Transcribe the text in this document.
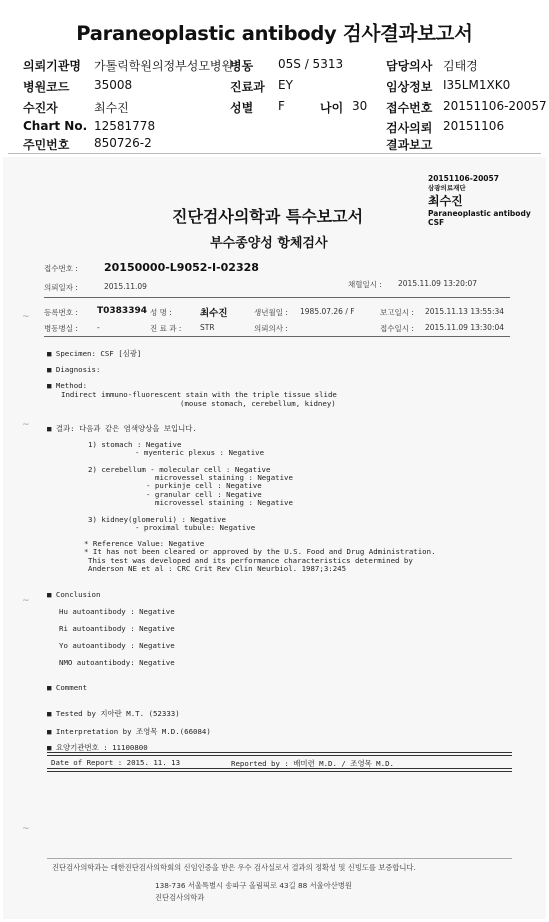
Paraneoplastic antibody 검사결과보고서
의뢰기관명 가톨릭학원의정부성모병원
병동 05S / 5313	담당의사 김태경
병원코드 35008	진료과 EY	임상정보 I35LM1XK0
수진자	최수진	성별 F	나이 30 접수번호 20151106-20057
Chart No. 12581778	검사의뢰 20151106
주민번호 850726-2	결과보고
~
~
~
~
20151106-20057
삼광의료재단
최수진
Paraneoplastic antibody
CSF
진단검사의학과 특수보고서
부수종양성 항체검사
접수번호 : 20150000-L9052-I-02328
의뢰일자 :	2015.11.09	채혈일시 : 2015.11.09 13:20:07
등록번호 : T0383394 성 명 :	최수진	생년월일 : 1985.07.26 / F	보고일시 : 2015.11.13 13:55:34
병동병실 :	-	진 료 과 : STR	의뢰의사 :	접수일시 : 2015.11.09 13:30:04
■ Specimen: CSF [심광]
■ Diagnosis:
■ Method:
Indirect immuno-fluorescent stain with the triple tissue slide
(mouse stomach, cerebellum, kidney)
■ 결과: 다음과 같은 염색양상을 보입니다.
1) stomach : Negative
- myenteric plexus : Negative
2) cerebellum - molecular cell : Negative
microvessel staining : Negative
- purkinje cell : Negative
- granular cell : Negative
microvessel staining : Negative
3) kidney(glomeruli) : Negative
- proximal tubule: Negative
* Reference Value: Negative
* It has not been cleared or approved by the U.S. Food and Drug Administration.
This test was developed and its performance characteristics determined by
Anderson NE et al : CRC Crit Rev Clin Neurbiol. 1987;3:245
■ Conclusion
Hu autoantibody : Negative
Ri autoantibody : Negative
Yo autoantibody : Negative
NMO autoantibody: Negative
■ Comment
■ Tested by 지아란 M.T. (52333)
■ Interpretation by 조영목 M.D.(66084)
■ 요양기관번호 : 11100800
Date of Report : 2015. 11. 13	Reported by : 배미련 M.D. / 조영목 M.D.
진단검사의학과는 대한진단검사의학회의 신임인증을 받은 우수 검사실로서 결과의 정확성 및 신빙도를 보증합니다.
138-736 서울특별시 송파구 올림픽로 43길 88 서울아산병원
진단검사의학과
